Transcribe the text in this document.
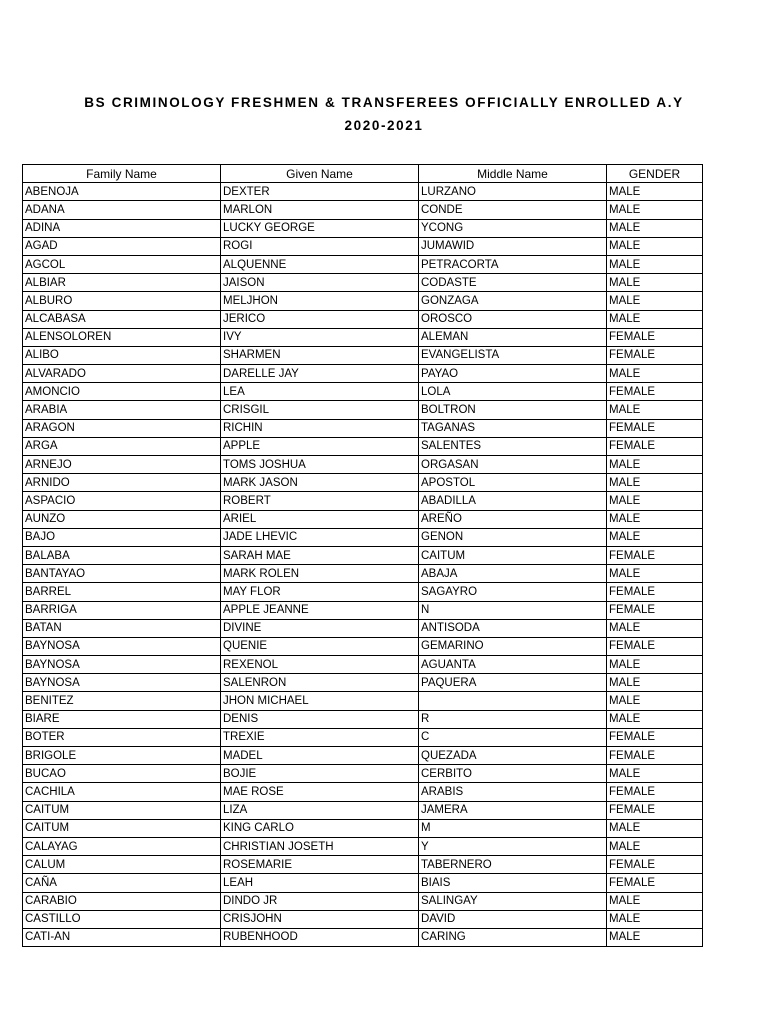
BS CRIMINOLOGY FRESHMEN & TRANSFEREES OFFICIALLY ENROLLED A.Y
2020-2021
Family Name	Given Name	Middle Name	GENDER
ABENOJA	DEXTER	LURZANO	MALE
ADANA	MARLON	CONDE	MALE
ADINA	LUCKY GEORGE	YCONG	MALE
AGAD	ROGI	JUMAWID	MALE
AGCOL	ALQUENNE	PETRACORTA	MALE
ALBIAR	JAISON	CODASTE	MALE
ALBURO	MELJHON	GONZAGA	MALE
ALCABASA	JERICO	OROSCO	MALE
ALENSOLOREN	IVY	ALEMAN	FEMALE
ALIBO	SHARMEN	EVANGELISTA	FEMALE
ALVARADO	DARELLE JAY	PAYAO	MALE
AMONCIO	LEA	LOLA	FEMALE
ARABIA	CRISGIL	BOLTRON	MALE
ARAGON	RICHIN	TAGANAS	FEMALE
ARGA	APPLE	SALENTES	FEMALE
ARNEJO	TOMS JOSHUA	ORGASAN	MALE
ARNIDO	MARK JASON	APOSTOL	MALE
ASPACIO	ROBERT	ABADILLA	MALE
AUNZO	ARIEL	AREÑO	MALE
BAJO	JADE LHEVIC	GENON	MALE
BALABA	SARAH MAE	CAITUM	FEMALE
BANTAYAO	MARK ROLEN	ABAJA	MALE
BARREL	MAY FLOR	SAGAYRO	FEMALE
BARRIGA	APPLE JEANNE	N	FEMALE
BATAN	DIVINE	ANTISODA	MALE
BAYNOSA	QUENIE	GEMARINO	FEMALE
BAYNOSA	REXENOL	AGUANTA	MALE
BAYNOSA	SALENRON	PAQUERA	MALE
BENITEZ	JHON MICHAEL		MALE
BIARE	DENIS	R	MALE
BOTER	TREXIE	C	FEMALE
BRIGOLE	MADEL	QUEZADA	FEMALE
BUCAO	BOJIE	CERBITO	MALE
CACHILA	MAE ROSE	ARABIS	FEMALE
CAITUM	LIZA	JAMERA	FEMALE
CAITUM	KING CARLO	M	MALE
CALAYAG	CHRISTIAN JOSETH	Y	MALE
CALUM	ROSEMARIE	TABERNERO	FEMALE
CAÑA	LEAH	BIAIS	FEMALE
CARABIO	DINDO JR	SALINGAY	MALE
CASTILLO	CRISJOHN	DAVID	MALE
CATI-AN	RUBENHOOD	CARING	MALE
